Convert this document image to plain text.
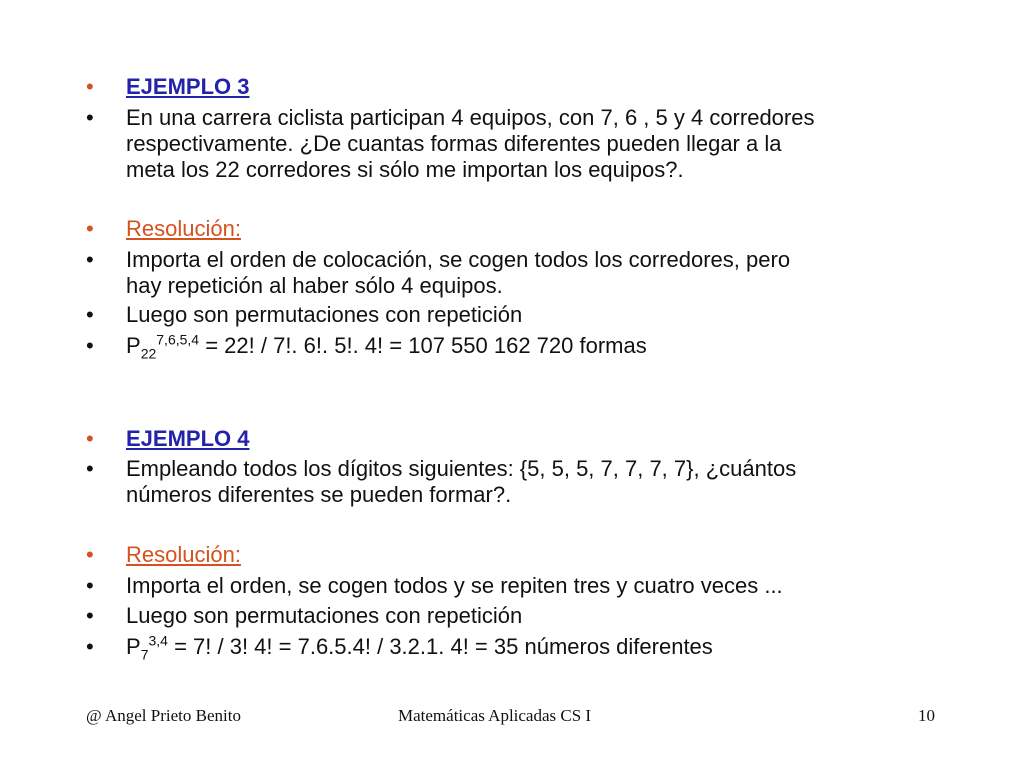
•	EJEMPLO 3
•	En una carrera ciclista participan 4 equipos, con 7, 6 , 5 y 4 corredores
respectivamente. ¿De cuantas formas diferentes pueden llegar a la
meta los 22 corredores si sólo me importan los equipos?.
•	Resolución:
•	Importa el orden de colocación, se cogen todos los corredores, pero
hay repetición al haber sólo 4 equipos.
•	Luego son permutaciones con repetición
•	$P_{22}^{7,6,5,4} = 22$! / 7!. 6!. 5!. 4! = 107 550 162 720 formas
•	EJEMPLO 4
•	Empleando todos los dígitos siguientes: {5, 5, 5, 7, 7, 7, 7}, ¿cuántos
números diferentes se pueden formar?.
•	Resolución:
•	Importa el orden, se cogen todos y se repiten tres y cuatro veces ...
•	Luego son permutaciones con repetición
•	$P_7^{3,4} = 7$! / 3! 4! = 7.6.5.4! / 3.2.1. 4! = 35 números diferentes
@ Angel Prieto Benito	Matemáticas Aplicadas CS I	10
